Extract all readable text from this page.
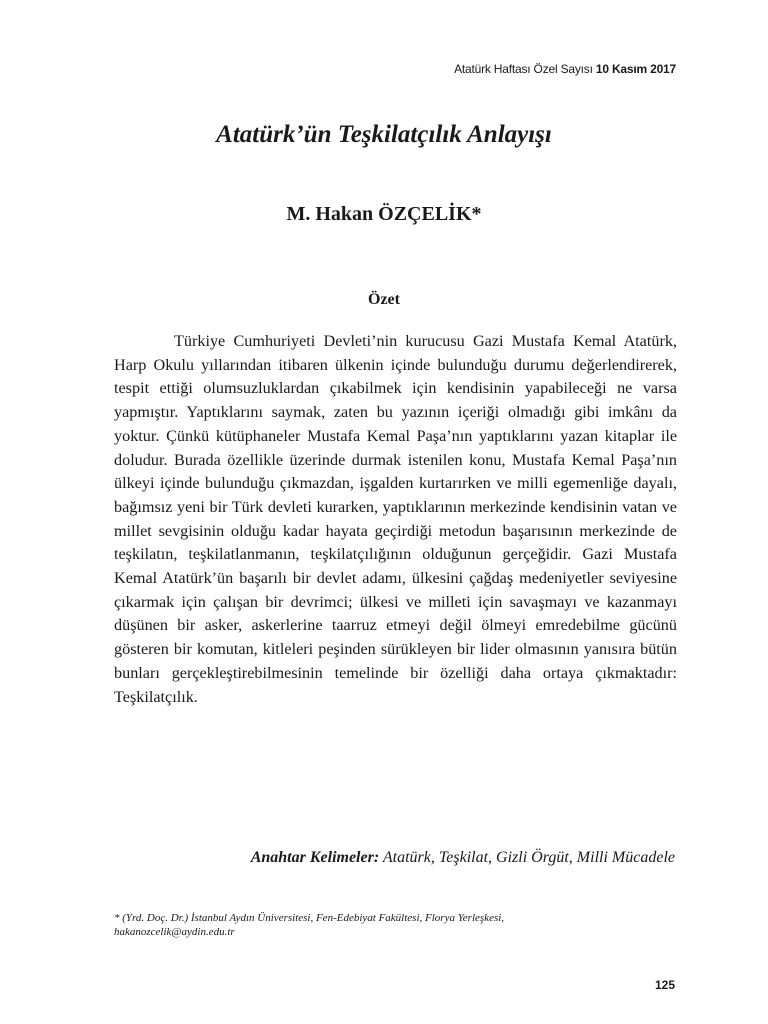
Atatürk Haftası Özel Sayısı 10 Kasım 2017
Atatürk’ün Teşkilatçılık Anlayışı
M. Hakan ÖZÇELİK*
Özet

Türkiye Cumhuriyeti Devleti’nin kurucusu Gazi Mustafa Kemal Atatürk, Harp Okulu yıllarından itibaren ülkenin içinde bulunduğu durumu değerlendirerek, tespit ettiği olumsuzluklardan çıkabilmek için kendisinin yapabileceği ne varsa yapmıştır. Yaptıklarını saymak, zaten bu yazının içeriği olmadığı gibi imkânı da yoktur. Çünkü kütüphaneler Mustafa Kemal Paşa’nın yaptıklarını yazan kitaplar ile doludur. Burada özellikle üzerinde durmak istenilen konu, Mustafa Kemal Paşa’nın ülkeyi içinde bulunduğu çıkmazdan, işgalden kurtarırken ve milli egemenliğe dayalı, bağımsız yeni bir Türk devleti kurarken, yaptıklarının merkezinde kendisinin vatan ve millet sevgisinin olduğu kadar hayata geçirdiği metodun başarısının merkezinde de teşkilatın, teşkilatlanmanın, teşkilatçılığının olduğunun gerçeğidir. Gazi Mustafa Kemal Atatürk’ün başarılı bir devlet adamı, ülkesini çağdaş medeniyetler seviyesine çıkarmak için çalışan bir devrimci; ülkesi ve milleti için savaşmayı ve kazanmayı düşünen bir asker, askerlerine taarruz etmeyi değil ölmeyi emredebilme gücünü gösteren bir komutan, kitleleri peşinden sürükleyen bir lider olmasının yanısıra bütün bunları gerçekleştirebilmesinin temelinde bir özelliği daha ortaya çıkmaktadır: Teşkilatçılık.

Anahtar Kelimeler: Atatürk, Teşkilat, Gizli Örgüt, Milli Mücadele

* (Yrd. Doç. Dr.) İstanbul Aydın Üniversitesi, Fen-Edebiyat Fakültesi, Florya Yerleşkesi,
hakanozcelik@aydin.edu.tr
125
